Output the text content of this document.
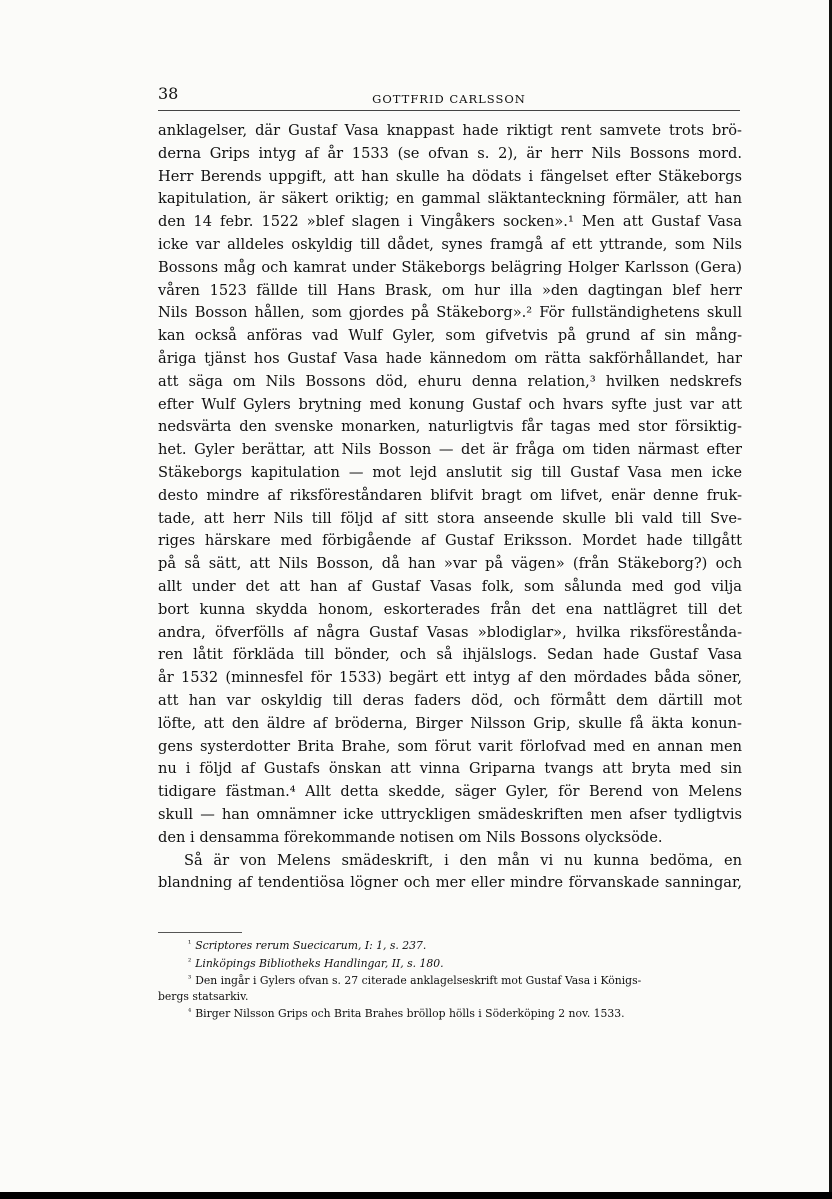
38	GOTTFRID CARLSSON
anklagelser, där Gustaf Vasa knappast hade riktigt rent samvete trots brö-
derna Grips intyg af år 1533 (se ofvan s. 2), är herr Nils Bossons mord.
Herr Berends uppgift, att han skulle ha dödats i fängelset efter Stäkeborgs
kapitulation, är säkert oriktig; en gammal släktanteckning förmäler, att han
den 14 febr. 1522 »blef slagen i Vingåkers socken».¹ Men att Gustaf Vasa
icke var alldeles oskyldig till dådet, synes framgå af ett yttrande, som Nils
Bossons måg och kamrat under Stäkeborgs belägring Holger Karlsson (Gera)
våren 1523 fällde till Hans Brask, om hur illa »den dagtingan blef herr
Nils Bosson hållen, som gjordes på Stäkeborg».² För fullständighetens skull
kan också anföras vad Wulf Gyler, som gifvetvis på grund af sin mång-
åriga tjänst hos Gustaf Vasa hade kännedom om rätta sakförhållandet, har
att säga om Nils Bossons död, ehuru denna relation,³ hvilken nedskrefs
efter Wulf Gylers brytning med konung Gustaf och hvars syfte just var att
nedsvärta den svenske monarken, naturligtvis får tagas med stor försiktig-
het. Gyler berättar, att Nils Bosson — det är fråga om tiden närmast efter
Stäkeborgs kapitulation — mot lejd anslutit sig till Gustaf Vasa men icke
desto mindre af riksföreståndaren blifvit bragt om lifvet, enär denne fruk-
tade, att herr Nils till följd af sitt stora anseende skulle bli vald till Sve-
riges härskare med förbigående af Gustaf Eriksson. Mordet hade tillgått
på så sätt, att Nils Bosson, då han »var på vägen» (från Stäkeborg?) och
allt under det att han af Gustaf Vasas folk, som sålunda med god vilja
bort kunna skydda honom, eskorterades från det ena nattlägret till det
andra, öfverfölls af några Gustaf Vasas »blodiglar», hvilka riksförestånda-
ren låtit förkläda till bönder, och så ihjälslogs. Sedan hade Gustaf Vasa
år 1532 (minnesfel för 1533) begärt ett intyg af den mördades båda söner,
att han var oskyldig till deras faders död, och förmått dem därtill mot
löfte, att den äldre af bröderna, Birger Nilsson Grip, skulle få äkta konun-
gens systerdotter Brita Brahe, som förut varit förlofvad med en annan men
nu i följd af Gustafs önskan att vinna Griparna tvangs att bryta med sin
tidigare fästman.⁴ Allt detta skedde, säger Gyler, för Berend von Melens
skull — han omnämner icke uttryckligen smädeskriften men afser tydligtvis
den i densamma förekommande notisen om Nils Bossons olycksöde.
Så är von Melens smädeskrift, i den mån vi nu kunna bedöma, en
blandning af tendentiösa lögner och mer eller mindre förvanskade sanningar,
$^{^1}$ Scriptores rerum Suecicarum, I: 1, s. 237.
$^{^2}$ Linköpings Bibliotheks Handlingar, II, s. 180.
$^{^3}$ Den ingår i Gylers ofvan s. 27 citerade anklagelseskrift mot Gustaf Vasa i Königs-
bergs statsarkiv.
$^{^4}$ Birger Nilsson Grips och Brita Brahes bröllop hölls i Söderköping 2 nov. 1533.
